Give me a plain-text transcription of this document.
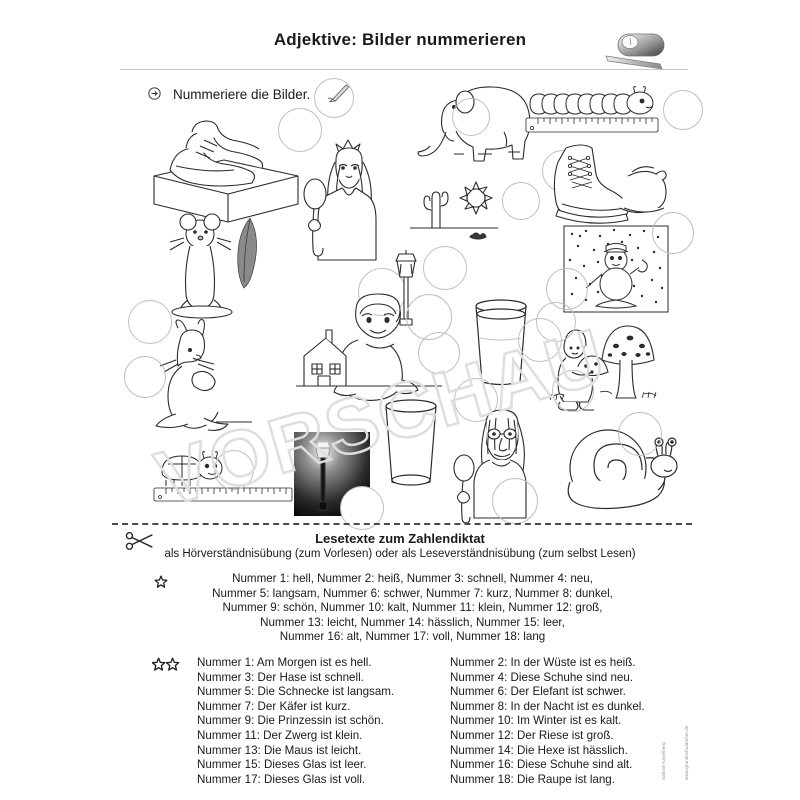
Adjektive: Bilder nummerieren
Nummeriere die Bilder.
VORSCHAU
Lesetexte zum Zahlendiktat
als Hörverständnisübung (zum Vorlesen) oder als Leseverständnisübung (zum selbst Lesen)
Nummer 1: hell, Nummer 2: heiß, Nummer 3: schnell, Nummer 4: neu,
Nummer 5: langsam, Nummer 6: schwer, Nummer 7: kurz, Nummer 8: dunkel,
Nummer 9: schön, Nummer 10: kalt, Nummer 11: klein, Nummer 12: groß,
Nummer 13: leicht, Nummer 14: hässlich, Nummer 15: leer,
Nummer 16: alt, Nummer 17: voll, Nummer 18: lang
Nummer 1: Am Morgen ist es hell.
Nummer 3: Der Hase ist schnell.
Nummer 5: Die Schnecke ist langsam.
Nummer 7: Der Käfer ist kurz.
Nummer 9: Die Prinzessin ist schön.
Nummer 11: Der Zwerg ist klein.
Nummer 13: Die Maus ist leicht.
Nummer 15: Dieses Glas ist leer.
Nummer 17: Dieses Glas ist voll.
Nummer 2: In der Wüste ist es heiß.
Nummer 4: Diese Schuhe sind neu.
Nummer 6: Der Elefant ist schwer.
Nummer 8: In der Nacht ist es dunkel.
Nummer 10: Im Winter ist es kalt.
Nummer 12: Der Riese ist groß.
Nummer 14: Die Hexe ist hässlich.
Nummer 16: Diese Schuhe sind alt.
Nummer 18: Die Raupe ist lang.	www.grundschulatelier.de
Sabine Kaselberg
